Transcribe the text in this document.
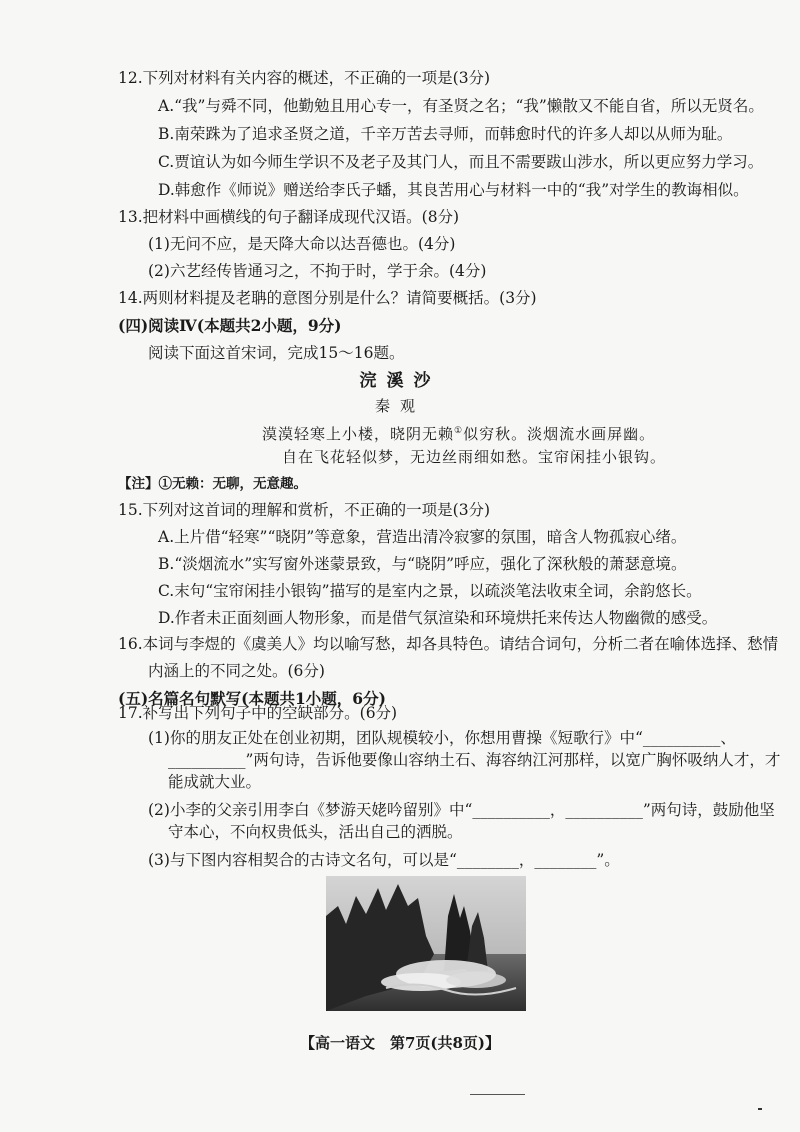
12.下列对材料有关内容的概述，不正确的一项是(3分)
A.“我”与舜不同，他勤勉且用心专一，有圣贤之名；“我”懒散又不能自省，所以无贤名。
B.南荣跦为了追求圣贤之道，千辛万苦去寻师，而韩愈时代的许多人却以从师为耻。
C.贾谊认为如今师生学识不及老子及其门人，而且不需要跋山涉水，所以更应努力学习。
D.韩愈作《师说》赠送给李氏子蟠，其良苦用心与材料一中的“我”对学生的教诲相似。
13.把材料中画横线的句子翻译成现代汉语。(8分)
(1)无问不应，是天降大命以达吾德也。(4分)
(2)六艺经传皆通习之，不拘于时，学于余。(4分)
14.两则材料提及老聃的意图分别是什么？请简要概括。(3分)
(四)阅读Ⅳ(本题共2小题，9分)
阅读下面这首宋词，完成15～16题。
浣溪沙
秦观
漠漠轻寒上小楼，晓阴无赖①似穷秋。淡烟流水画屏幽。
自在飞花轻似梦，无边丝雨细如愁。宝帘闲挂小银钩。
【注】①无赖：无聊，无意趣。
15.下列对这首词的理解和赏析，不正确的一项是(3分)
A.上片借“轻寒”“晓阴”等意象，营造出清冷寂寥的氛围，暗含人物孤寂心绪。
B.“淡烟流水”实写窗外迷蒙景致，与“晓阴”呼应，强化了深秋般的萧瑟意境。
C.末句“宝帘闲挂小银钩”描写的是室内之景，以疏淡笔法收束全词，余韵悠长。
D.作者未正面刻画人物形象，而是借气氛渲染和环境烘托来传达人物幽微的感受。
16.本词与李煜的《虞美人》均以喻写愁，却各具特色。请结合词句，分析二者在喻体选择、愁情
内涵上的不同之处。(6分)
(五)名篇名句默写(本题共1小题，6分)
17.补写出下列句子中的空缺部分。(6分)
(1)你的朋友正处在创业初期，团队规模较小，你想用曹操《短歌行》中“__________、
__________”两句诗，告诉他要像山容纳土石、海容纳江河那样，以宽广胸怀吸纳人才，才
能成就大业。
(2)小李的父亲引用李白《梦游天姥吟留别》中“__________，__________”两句诗，鼓励他坚
守本心，不向权贵低头，活出自己的洒脱。
【高一语文　第7页(共8页)】
(3)与下图内容相契合的古诗文名句，可以是“________，________”。
